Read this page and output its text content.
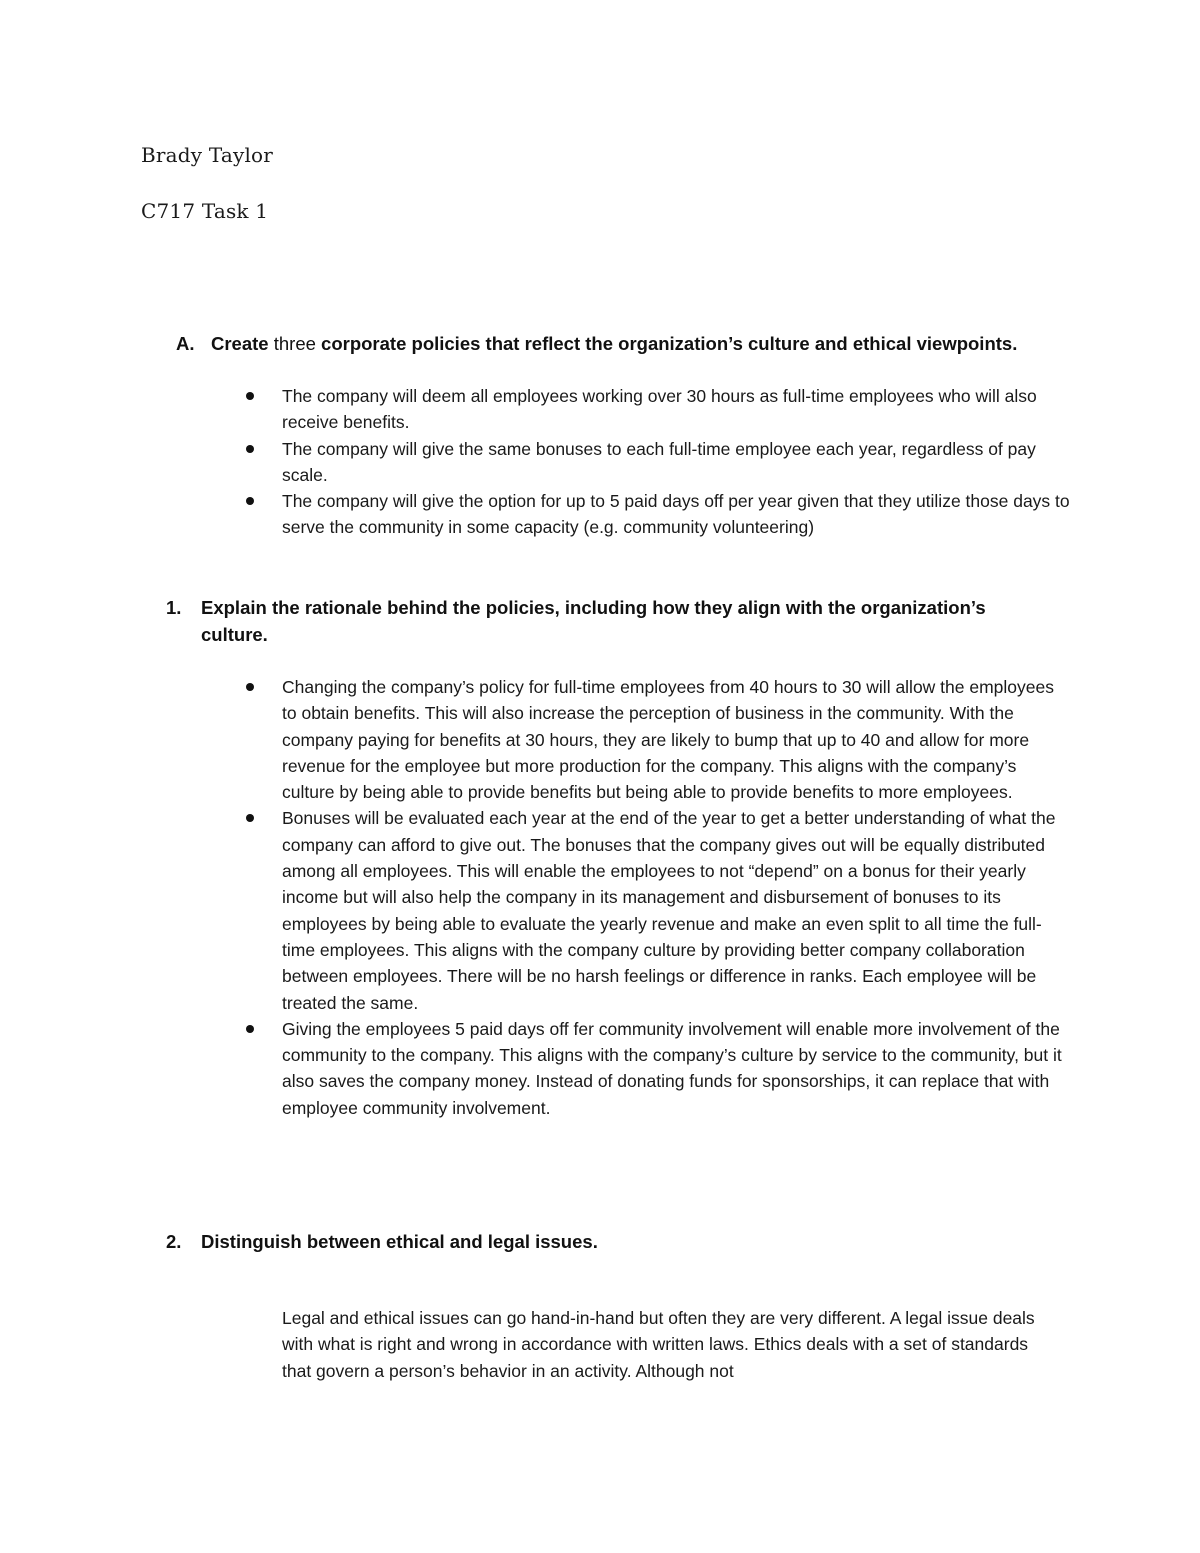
Brady Taylor
C717 Task 1
A. Create three corporate policies that reflect the organization’s culture and ethical viewpoints.
The company will deem all employees working over 30 hours as full-time employees who will also receive benefits.
The company will give the same bonuses to each full-time employee each year, regardless of pay scale.
The company will give the option for up to 5 paid days off per year given that they utilize those days to serve the community in some capacity (e.g. community volunteering)
1. Explain the rationale behind the policies, including how they align with the organization’s culture.
Changing the company’s policy for full-time employees from 40 hours to 30 will allow the employees to obtain benefits. This will also increase the perception of business in the community. With the company paying for benefits at 30 hours, they are likely to bump that up to 40 and allow for more revenue for the employee but more production for the company. This aligns with the company’s culture by being able to provide benefits but being able to provide benefits to more employees.
Bonuses will be evaluated each year at the end of the year to get a better understanding of what the company can afford to give out. The bonuses that the company gives out will be equally distributed among all employees. This will enable the employees to not “depend” on a bonus for their yearly income but will also help the company in its management and disbursement of bonuses to its employees by being able to evaluate the yearly revenue and make an even split to all time the full-time employees. This aligns with the company culture by providing better company collaboration between employees. There will be no harsh feelings or difference in ranks. Each employee will be treated the same.
Giving the employees 5 paid days off fer community involvement will enable more involvement of the community to the company. This aligns with the company’s culture by service to the community, but it also saves the company money. Instead of donating funds for sponsorships, it can replace that with employee community involvement.
2. Distinguish between ethical and legal issues.
Legal and ethical issues can go hand-in-hand but often they are very different. A legal issue deals with what is right and wrong in accordance with written laws. Ethics deals with a set of standards that govern a person’s behavior in an activity. Although not
